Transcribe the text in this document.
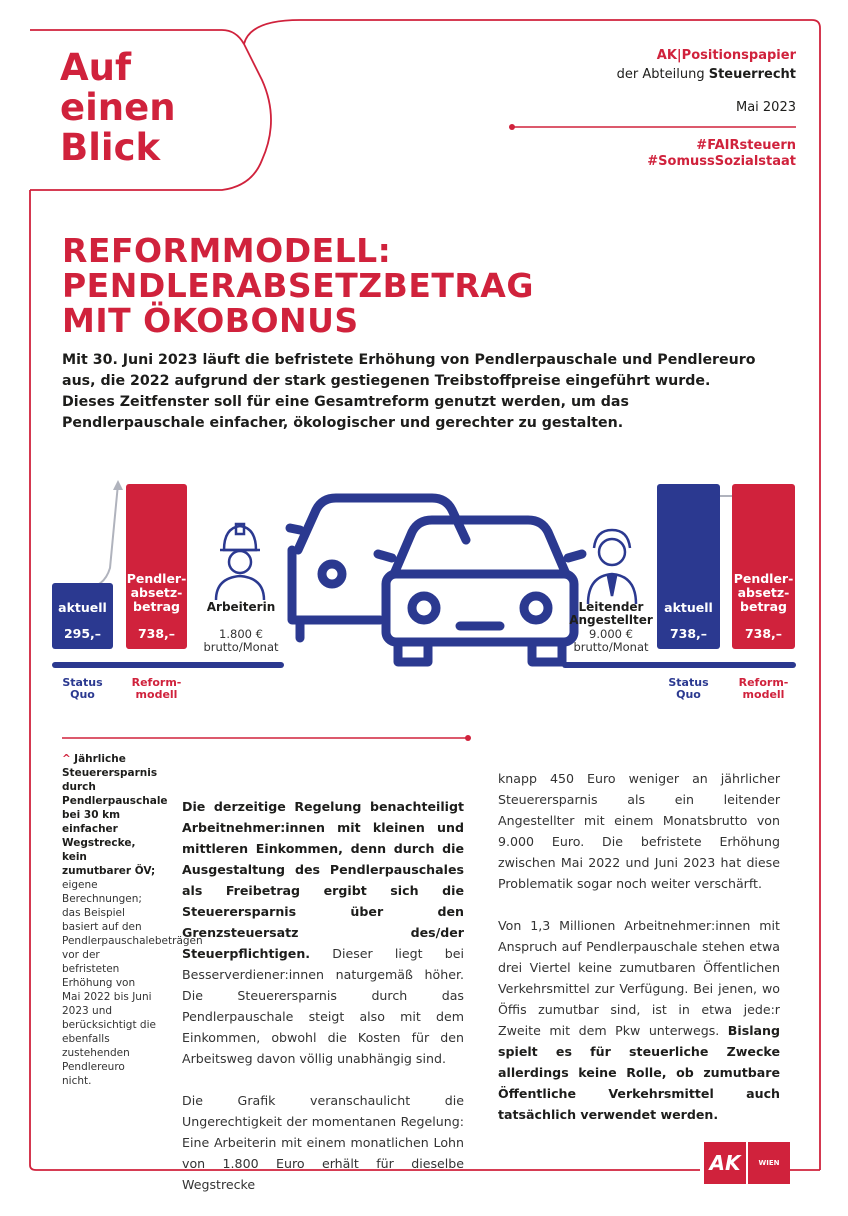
Auf
einen
Blick
AK|Positionspapier
der Abteilung Steuerrecht
Mai 2023
#FAIRsteuern
#SomussSozialstaat
REFORMMODELL:
PENDLERABSETZBETRAG
MIT ÖKOBONUS
Mit 30. Juni 2023 läuft die befristete Erhöhung von Pendlerpauschale und Pendlereuro aus, die 2022 aufgrund der stark gestiegenen Treibstoffpreise eingeführt wurde. Dieses Zeitfenster soll für eine Gesamtreform genutzt werden, um das Pendlerpauschale einfacher, ökologischer und gerechter zu gestalten.
aktuell
295,–
Pendler-
absetz-
betrag
738,–
Status
Quo
Reform-
modell
Arbeiterin
1.800 €
brutto/Monat
aktuell
738,–
Pendler-
absetz-
betrag
738,–
Status
Quo
Reform-
modell
Leitender
Angestellter
9.000 €
brutto/Monat
^ Jährliche Steuerersparnis durch Pendlerpauschale bei 30 km einfacher Wegstrecke, kein zumutbarer ÖV; eigene Berechnungen; das Beispiel basiert auf den Pendlerpauschalebeträgen vor der befristeten Erhöhung von Mai 2022 bis Juni 2023 und berücksichtigt die ebenfalls zustehenden Pendlereuro nicht.

Die derzeitige Regelung benachteiligt Arbeitnehmer:innen mit kleinen und mittleren Einkommen, denn durch die Ausgestaltung des Pendlerpauschales als Freibetrag ergibt sich die Steuerersparnis über den Grenzsteuersatz des/der Steuerpflichtigen. Dieser liegt bei Besserverdiener:innen naturgemäß höher. Die Steuerersparnis durch das Pendlerpauschale steigt also mit dem Einkommen, obwohl die Kosten für den Arbeitsweg davon völlig unabhängig sind.

Die Grafik veranschaulicht die Ungerechtigkeit der momentanen Regelung: Eine Arbeiterin mit einem monatlichen Lohn von 1.800 Euro erhält für dieselbe Wegstrecke

knapp 450 Euro weniger an jährlicher Steuerersparnis als ein leitender Angestellter mit einem Monatsbrutto von 9.000 Euro. Die befristete Erhöhung zwischen Mai 2022 und Juni 2023 hat diese Problematik sogar noch weiter verschärft.

Von 1,3 Millionen Arbeitnehmer:innen mit Anspruch auf Pendlerpauschale stehen etwa drei Viertel keine zumutbaren Öffentlichen Verkehrsmittel zur Verfügung. Bei jenen, wo Öffis zumutbar sind, ist in etwa jede:r Zweite mit dem Pkw unterwegs. Bislang spielt es für steuerliche Zwecke allerdings keine Rolle, ob zumutbare Öffentliche Verkehrsmittel auch tatsächlich verwendet werden.

AK	WIEN
